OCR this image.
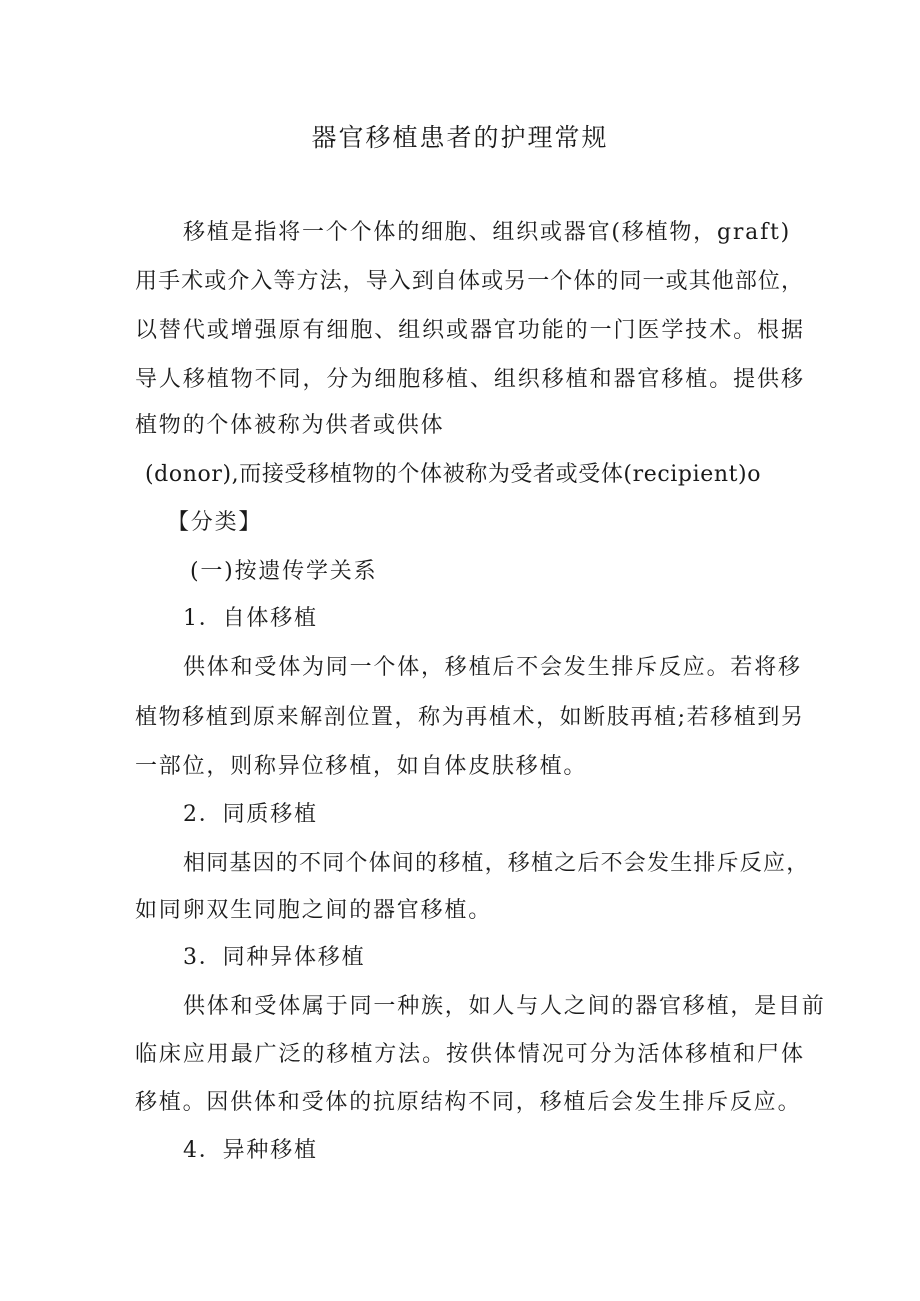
器官移植患者的护理常规
移植是指将一个个体的细胞、组织或器官(移植物，graft)
用手术或介入等方法，导入到自体或另一个体的同一或其他部位，
以替代或增强原有细胞、组织或器官功能的一门医学技术。根据
导人移植物不同，分为细胞移植、组织移植和器官移植。提供移
植物的个体被称为供者或供体
(donor),而接受移植物的个体被称为受者或受体(recipient)o
【分类】
(一)按遗传学关系
1．自体移植
供体和受体为同一个体，移植后不会发生排斥反应。若将移
植物移植到原来解剖位置，称为再植术，如断肢再植;若移植到另
一部位，则称异位移植，如自体皮肤移植。
2．同质移植
相同基因的不同个体间的移植，移植之后不会发生排斥反应，
如同卵双生同胞之间的器官移植。
3．同种异体移植
供体和受体属于同一种族，如人与人之间的器官移植，是目前
临床应用最广泛的移植方法。按供体情况可分为活体移植和尸体
移植。因供体和受体的抗原结构不同，移植后会发生排斥反应。
4．异种移植
